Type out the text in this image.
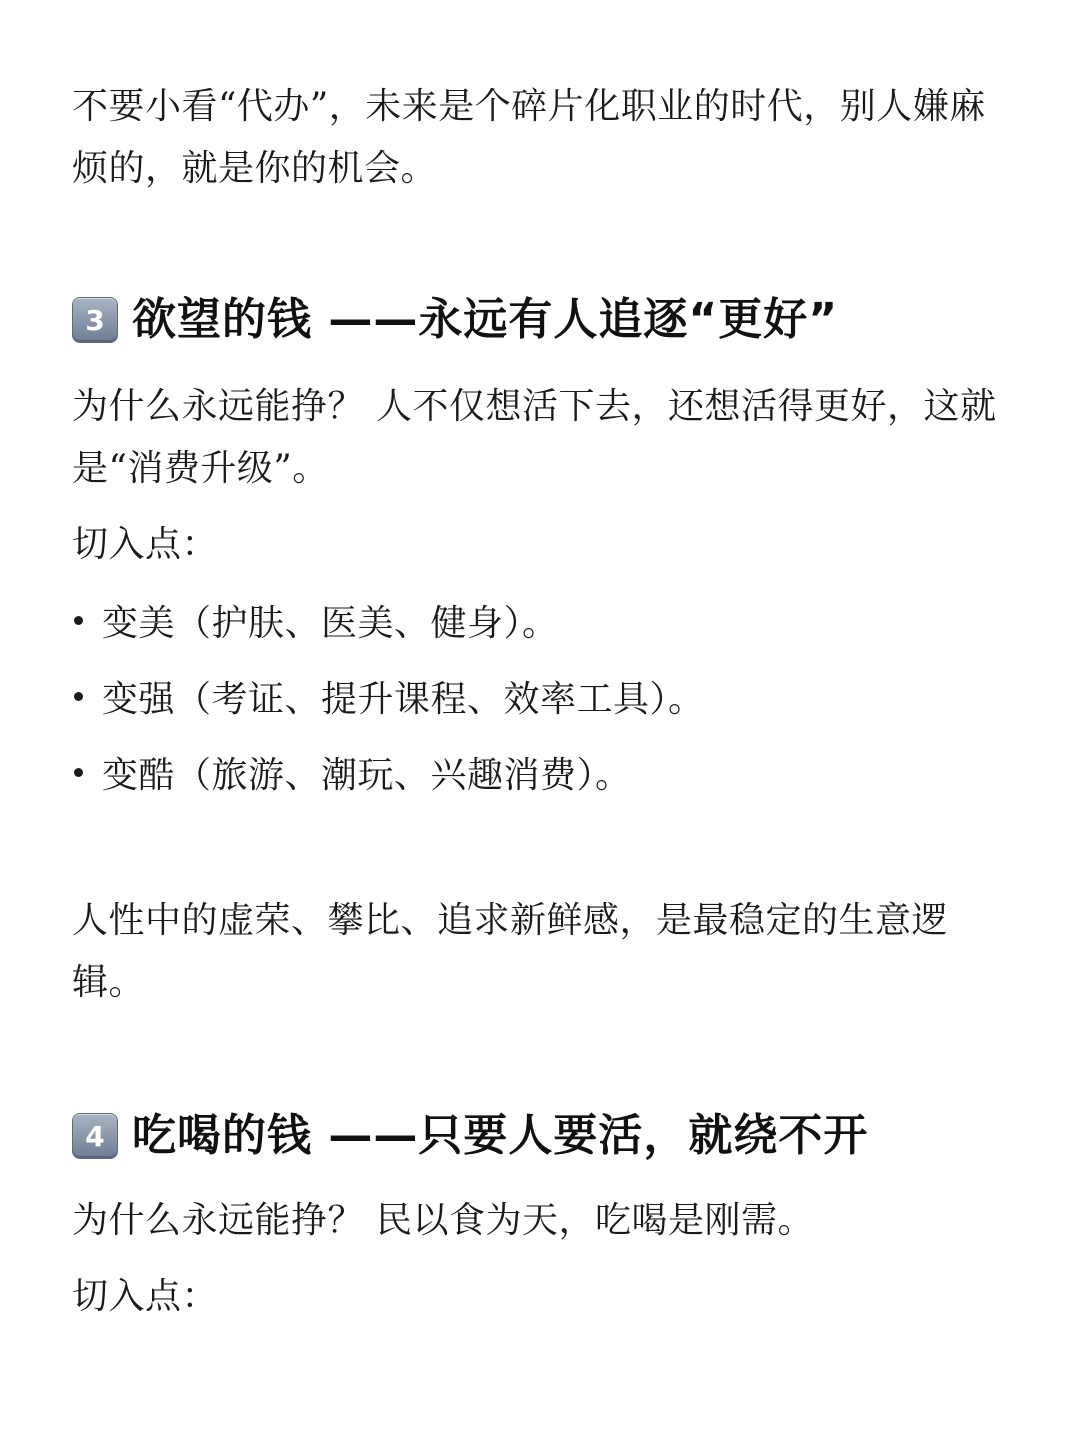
不要小看“代办”，未来是个碎片化职业的时代，别人嫌麻烦的，就是你的机会。

3 欲望的钱 ——永远有人追逐“更好”

为什么永远能挣？ 人不仅想活下去，还想活得更好，这就是“消费升级”。

切入点：

变美（护肤、医美、健身）。
变强（考证、提升课程、效率工具）。
变酷（旅游、潮玩、兴趣消费）。

人性中的虚荣、攀比、追求新鲜感，是最稳定的生意逻辑。

4 吃喝的钱 ——只要人要活，就绕不开

为什么永远能挣？ 民以食为天，吃喝是刚需。

切入点：
